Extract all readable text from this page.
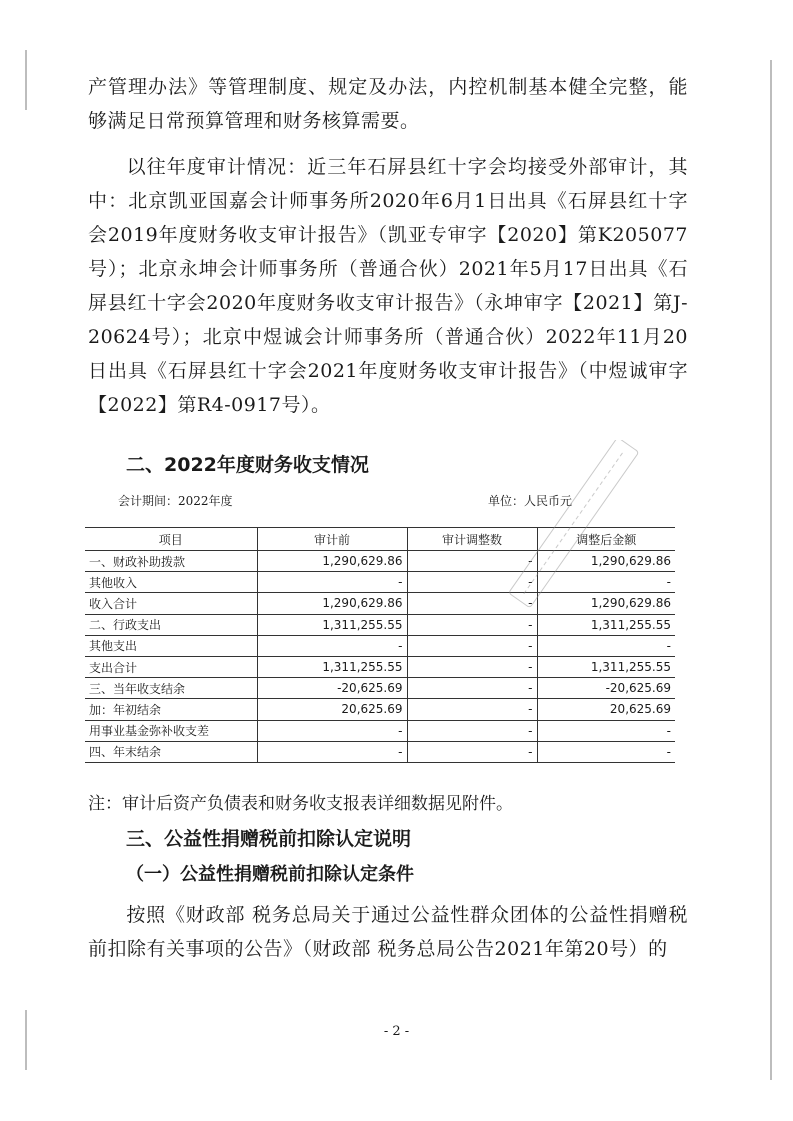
产管理办法》等管理制度、规定及办法，内控机制基本健全完整，能够满足日常预算管理和财务核算需要。

以往年度审计情况：近三年石屏县红十字会均接受外部审计，其中：北京凯亚国嘉会计师事务所2020年6月1日出具《石屏县红十字会2019年度财务收支审计报告》（凯亚专审字【2020】第K205077号）；北京永坤会计师事务所（普通合伙）2021年5月17日出具《石屏县红十字会2020年度财务收支审计报告》（永坤审字【2021】第J-20624号）；北京中煜诚会计师事务所（普通合伙）2022年11月20日出具《石屏县红十字会2021年度财务收支审计报告》（中煜诚审字【2022】第R4-0917号）。

二、2022年度财务收支情况
会计期间：2022年度	单位：人民币元
项目	审计前	审计调整数	调整后金额
一、财政补助拨款	1,290,629.86	-	1,290,629.86
其他收入	-	-	-
收入合计	1,290,629.86	-	1,290,629.86
二、行政支出	1,311,255.55	-	1,311,255.55
其他支出	-	-	-
支出合计	1,311,255.55	-	1,311,255.55
三、当年收支结余	-20,625.69	-	-20,625.69
加：年初结余	20,625.69	-	20,625.69
用事业基金弥补收支差	-	-	-
四、年末结余	-	-	-

注：审计后资产负债表和财务收支报表详细数据见附件。

三、公益性捐赠税前扣除认定说明
（一）公益性捐赠税前扣除认定条件

按照《财政部 税务总局关于通过公益性群众团体的公益性捐赠税前扣除有关事项的公告》（财政部 税务总局公告2021年第20号）的

- 2 -
